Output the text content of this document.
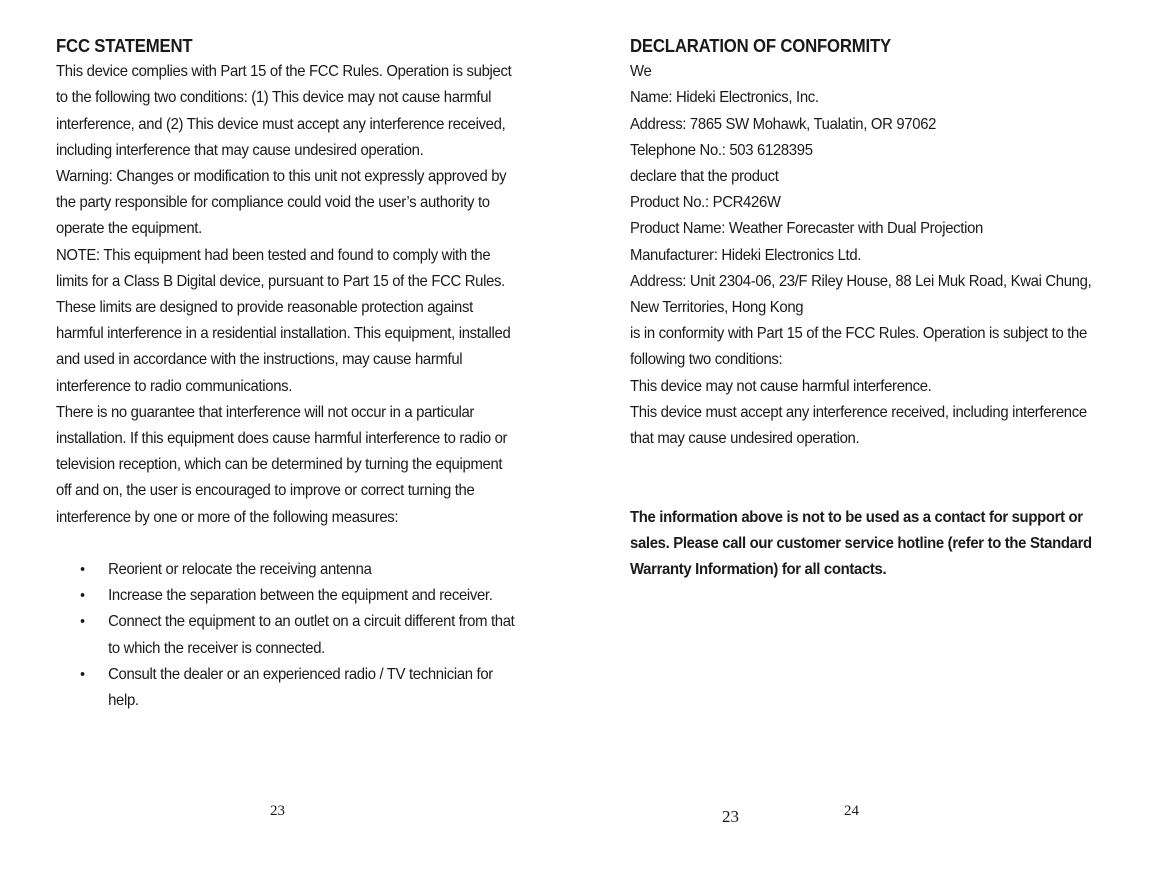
FCC STATEMENT

This device complies with Part 15 of the FCC Rules. Operation is subject to the following two conditions: (1) This device may not cause harmful interference, and (2) This device must accept any interference received, including interference that may cause undesired operation.

Warning: Changes or modification to this unit not expressly approved by the party responsible for compliance could void the user’s authority to operate the equipment.

NOTE: This equipment had been tested and found to comply with the limits for a Class B Digital device, pursuant to Part 15 of the FCC Rules. These limits are designed to provide reasonable protection against harmful interference in a residential installation. This equipment, installed and used in accordance with the instructions, may cause harmful interference to radio communications.

There is no guarantee that interference will not occur in a particular installation. If this equipment does cause harmful interference to radio or television reception, which can be determined by turning the equipment off and on, the user is encouraged to improve or correct turning the interference by one or more of the following measures:

• Reorient or relocate the receiving antenna
• Increase the separation between the equipment and receiver.
• Connect the equipment to an outlet on a circuit different from that to which the receiver is connected.
• Consult the dealer or an experienced radio / TV technician for help.
23
DECLARATION OF CONFORMITY
We
Name: Hideki Electronics, Inc.
Address: 7865 SW Mohawk, Tualatin, OR 97062
Telephone No.: 503 6128395
declare that the product
Product No.: PCR426W
Product Name: Weather Forecaster with Dual Projection
Manufacturer: Hideki Electronics Ltd.
Address: Unit 2304-06, 23/F Riley House, 88 Lei Muk Road, Kwai Chung, New Territories, Hong Kong
is in conformity with Part 15 of the FCC Rules. Operation is subject to the following two conditions:
This device may not cause harmful interference.
This device must accept any interference received, including interference that may cause undesired operation.
The information above is not to be used as a contact for support or sales. Please call our customer service hotline (refer to the Standard Warranty Information) for all contacts.
24
23
